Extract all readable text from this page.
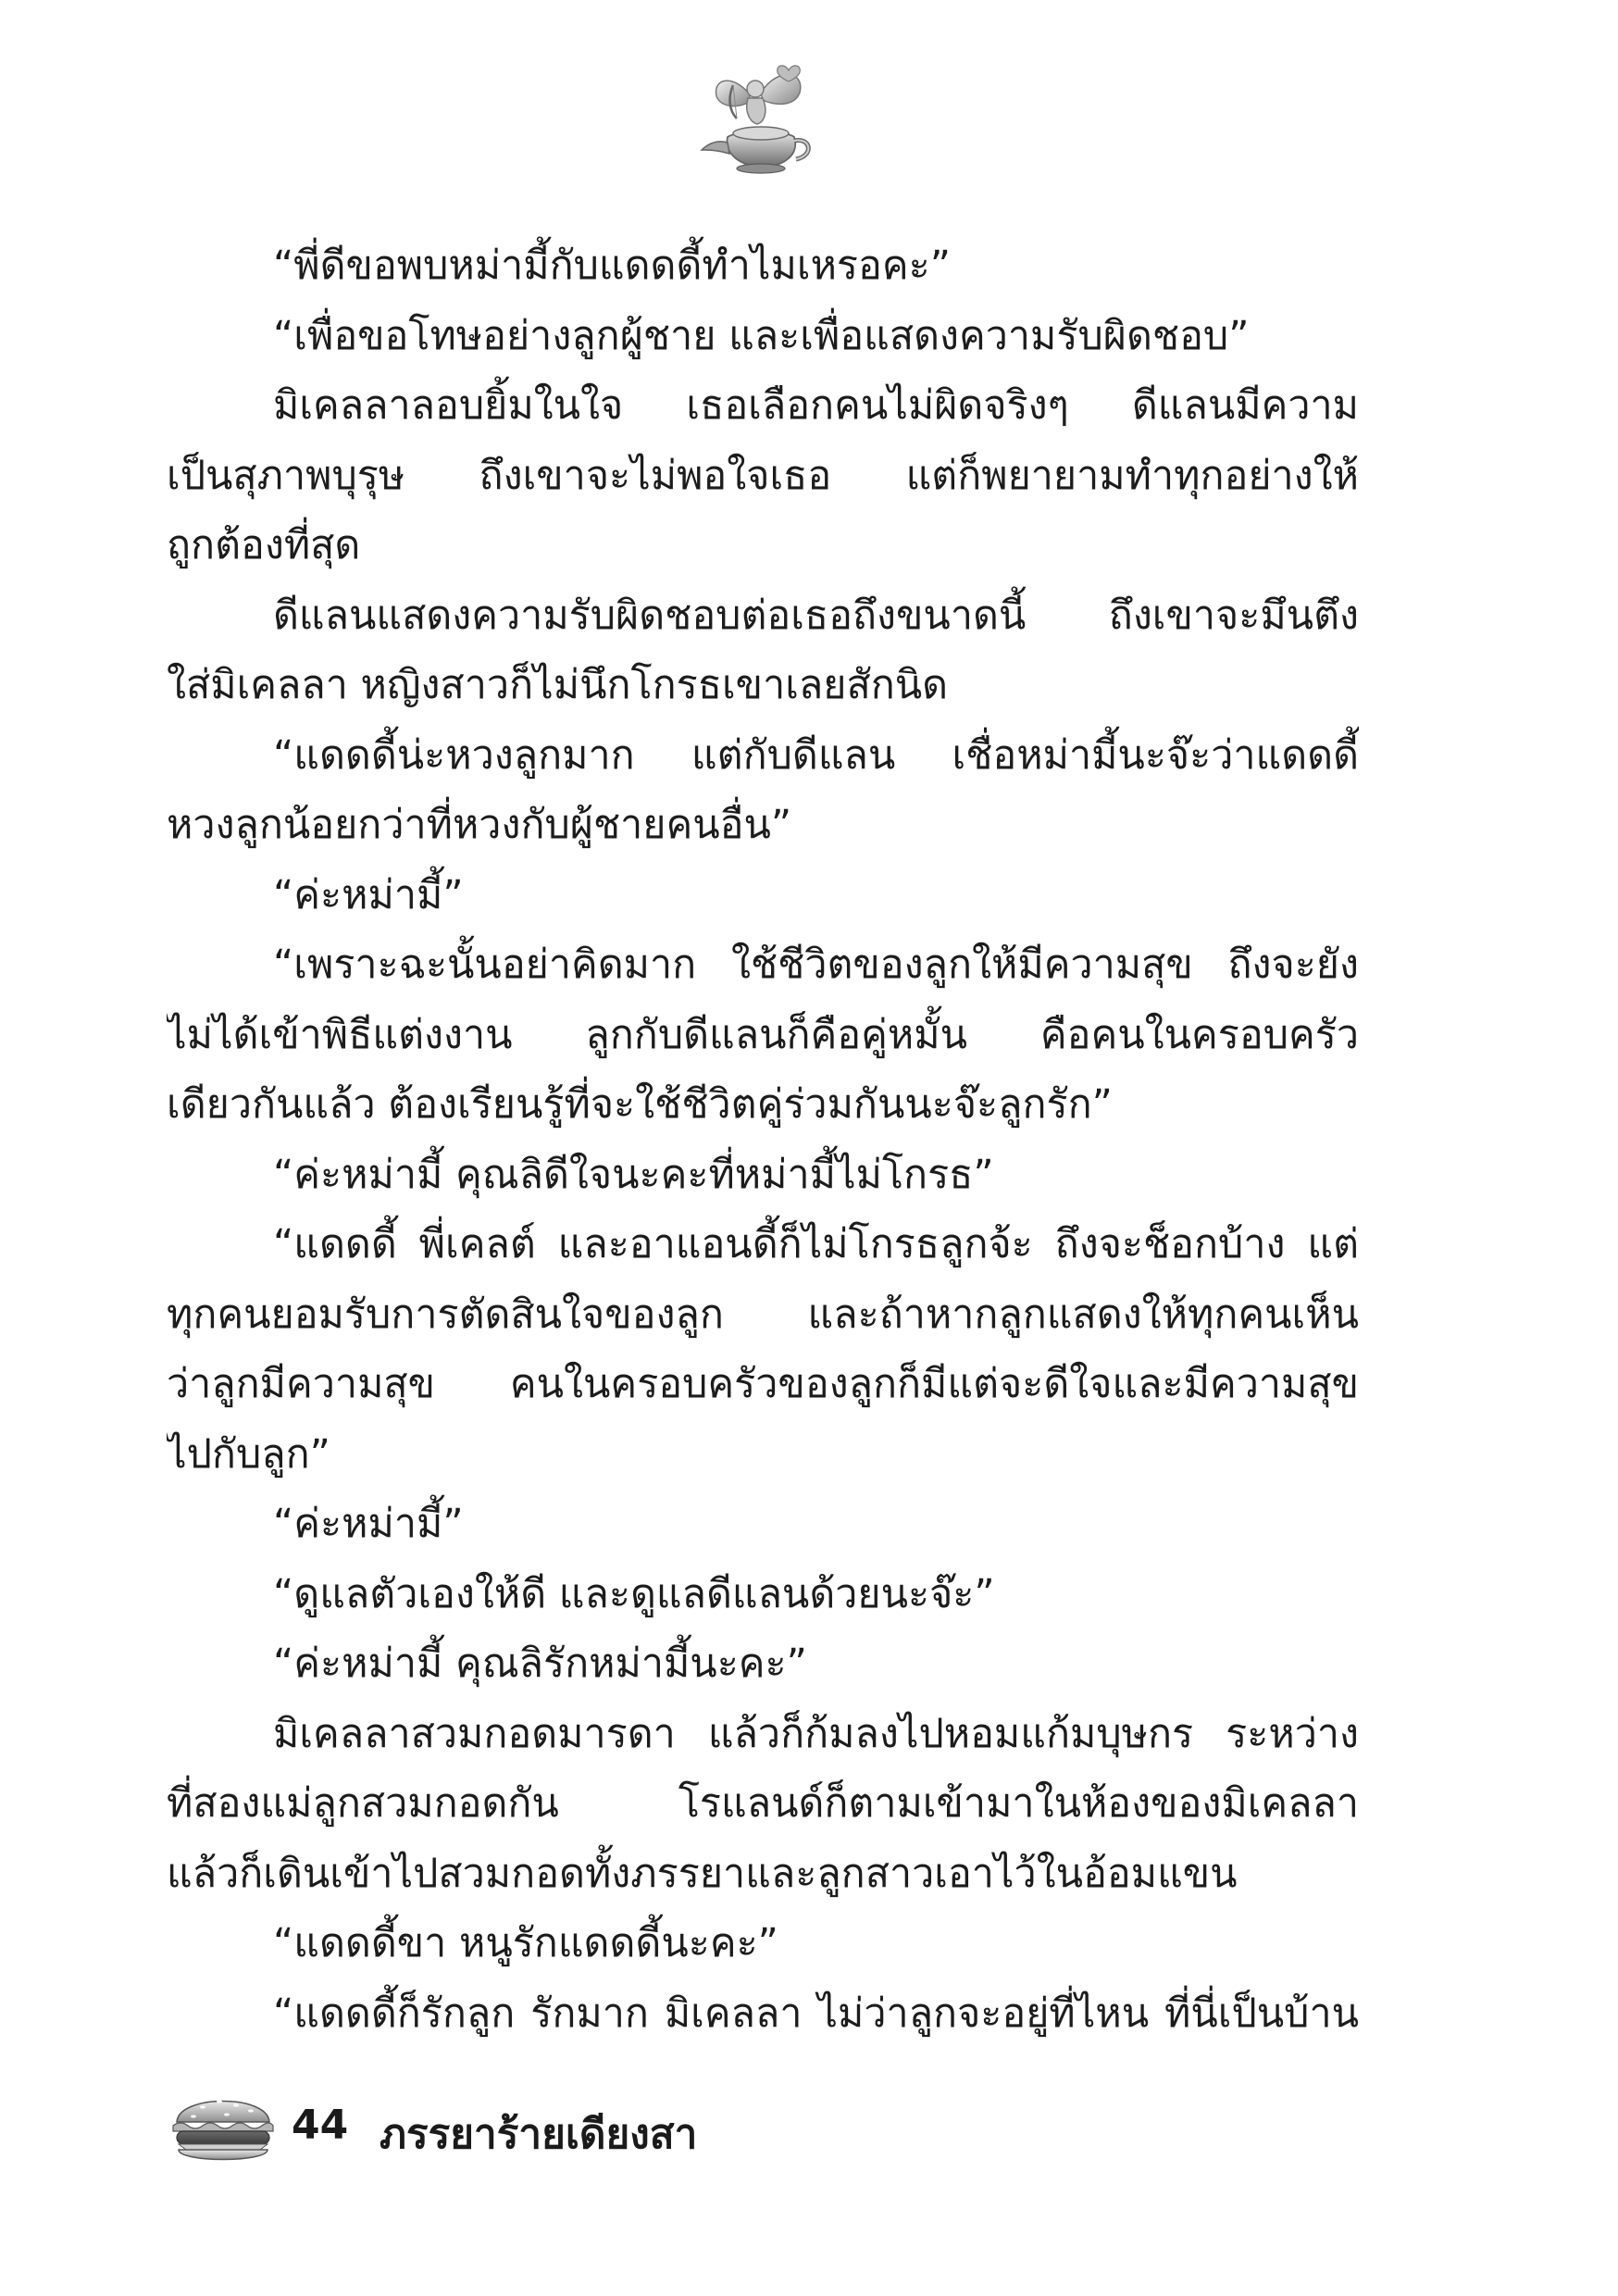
“พี่ดีขอพบหม่ามี้กับแดดดี้ทำไมเหรอคะ”
“เพื่อขอโทษอย่างลูกผู้ชาย และเพื่อแสดงความรับผิดชอบ”
มิเคลลาลอบยิ้มในใจ เธอเลือกคนไม่ผิดจริงๆ ดีแลนมีความ
เป็นสุภาพบุรุษ ถึงเขาจะไม่พอใจเธอ แต่ก็พยายามทำทุกอย่างให้
ถูกต้องที่สุด
ดีแลนแสดงความรับผิดชอบต่อเธอถึงขนาดนี้ ถึงเขาจะมึนตึง
ใส่มิเคลลา หญิงสาวก็ไม่นึกโกรธเขาเลยสักนิด
“แดดดี้น่ะหวงลูกมาก แต่กับดีแลน เชื่อหม่ามี้นะจ๊ะว่าแดดดี้
หวงลูกน้อยกว่าที่หวงกับผู้ชายคนอื่น”
“ค่ะหม่ามี้”
“เพราะฉะนั้นอย่าคิดมาก ใช้ชีวิตของลูกให้มีความสุข ถึงจะยัง
ไม่ได้เข้าพิธีแต่งงาน ลูกกับดีแลนก็คือคู่หมั้น คือคนในครอบครัว
เดียวกันแล้ว ต้องเรียนรู้ที่จะใช้ชีวิตคู่ร่วมกันนะจ๊ะลูกรัก”
“ค่ะหม่ามี้ คุณลิดีใจนะคะที่หม่ามี้ไม่โกรธ”
“แดดดี้ พี่เคลต์ และอาแอนดี้ก็ไม่โกรธลูกจ้ะ ถึงจะช็อกบ้าง แต่
ทุกคนยอมรับการตัดสินใจของลูก และถ้าหากลูกแสดงให้ทุกคนเห็น
ว่าลูกมีความสุข คนในครอบครัวของลูกก็มีแต่จะดีใจและมีความสุข
ไปกับลูก”
“ค่ะหม่ามี้”
“ดูแลตัวเองให้ดี และดูแลดีแลนด้วยนะจ๊ะ”
“ค่ะหม่ามี้ คุณลิรักหม่ามี้นะคะ”
มิเคลลาสวมกอดมารดา แล้วก็ก้มลงไปหอมแก้มบุษกร ระหว่าง
ที่สองแม่ลูกสวมกอดกัน โรแลนด์ก็ตามเข้ามาในห้องของมิเคลลา
แล้วก็เดินเข้าไปสวมกอดทั้งภรรยาและลูกสาวเอาไว้ในอ้อมแขน
“แดดดี้ขา หนูรักแดดดี้นะคะ”
“แดดดี้ก็รักลูก รักมาก มิเคลลา ไม่ว่าลูกจะอยู่ที่ไหน ที่นี่เป็นบ้าน
44 ภรรยาร้ายเดียงสา
